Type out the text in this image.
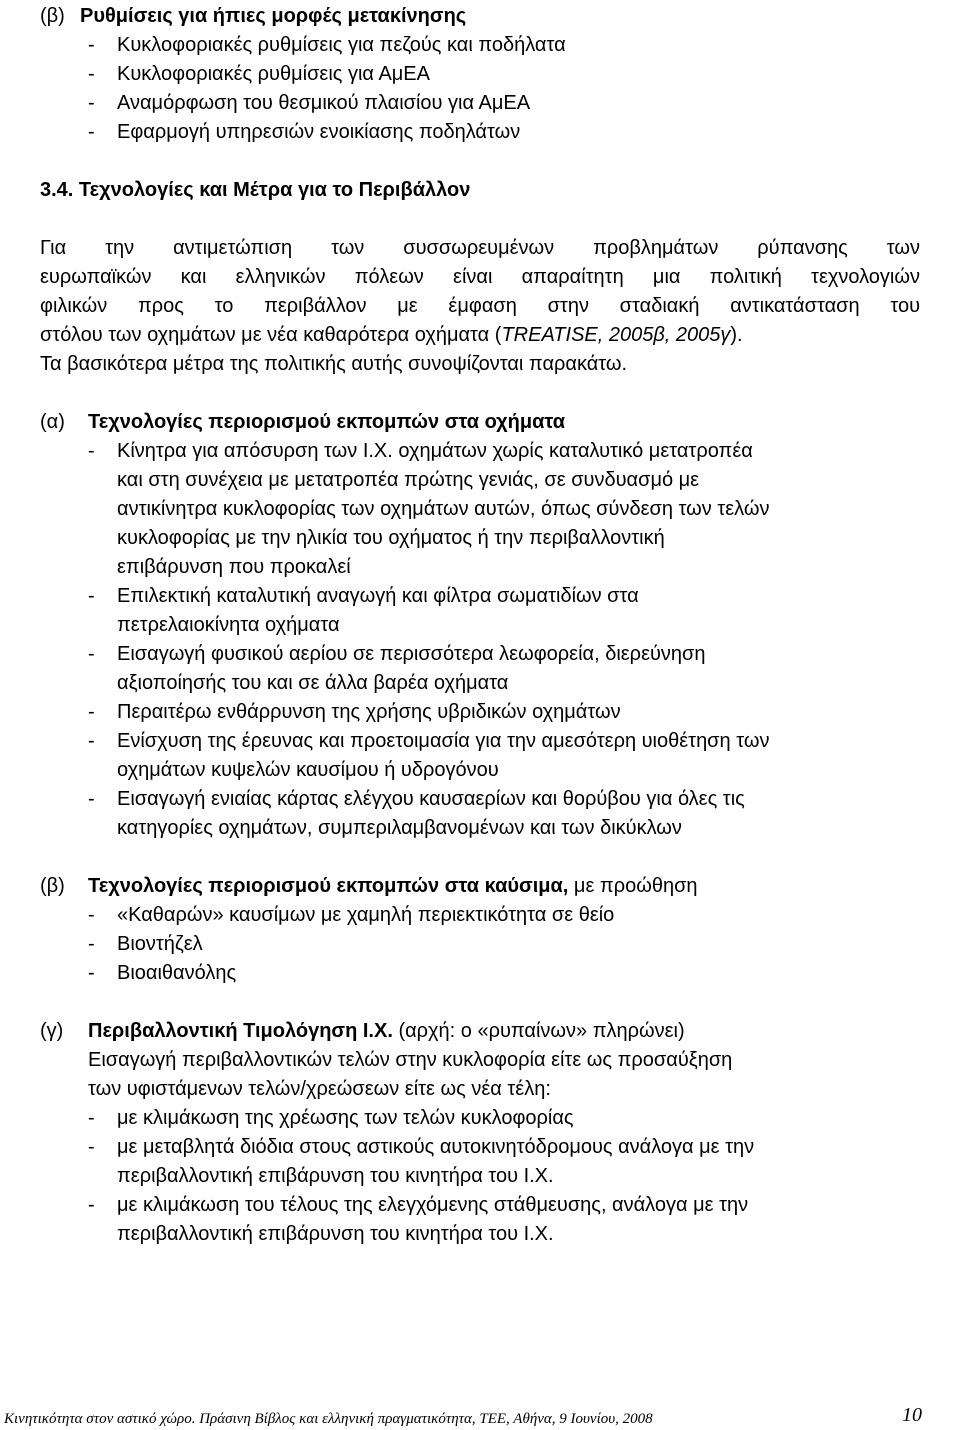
(β) Ρυθμίσεις για ήπιες μορφές μετακίνησης
- Κυκλοφοριακές ρυθμίσεις για πεζούς και ποδήλατα
- Κυκλοφοριακές ρυθμίσεις για ΑμΕΑ
- Αναμόρφωση του θεσμικού πλαισίου για ΑμΕΑ
- Εφαρμογή υπηρεσιών ενοικίασης ποδηλάτων
3.4. Τεχνολογίες και Μέτρα για το Περιβάλλον
Για την αντιμετώπιση των συσσωρευμένων προβλημάτων ρύπανσης των
ευρωπαϊκών και ελληνικών πόλεων είναι απαραίτητη μια πολιτική τεχνολογιών
φιλικών προς το περιβάλλον με έμφαση στην σταδιακή αντικατάσταση του
στόλου των οχημάτων με νέα καθαρότερα οχήματα (TREATISE, 2005β, 2005γ).
Τα βασικότερα μέτρα της πολιτικής αυτής συνοψίζονται παρακάτω.
(α) Τεχνολογίες περιορισμού εκπομπών στα οχήματα
- Κίνητρα για απόσυρση των Ι.Χ. οχημάτων χωρίς καταλυτικό μετατροπέα
και στη συνέχεια με μετατροπέα πρώτης γενιάς, σε συνδυασμό με
αντικίνητρα κυκλοφορίας των οχημάτων αυτών, όπως σύνδεση των τελών
κυκλοφορίας με την ηλικία του οχήματος ή την περιβαλλοντική
επιβάρυνση που προκαλεί
- Επιλεκτική καταλυτική αναγωγή και φίλτρα σωματιδίων στα
πετρελαιοκίνητα οχήματα
- Εισαγωγή φυσικού αερίου σε περισσότερα λεωφορεία, διερεύνηση
αξιοποίησής του και σε άλλα βαρέα οχήματα
- Περαιτέρω ενθάρρυνση της χρήσης υβριδικών οχημάτων
- Ενίσχυση της έρευνας και προετοιμασία για την αμεσότερη υιοθέτηση των
οχημάτων κυψελών καυσίμου ή υδρογόνου
- Εισαγωγή ενιαίας κάρτας ελέγχου καυσαερίων και θορύβου για όλες τις
κατηγορίες οχημάτων, συμπεριλαμβανομένων και των δικύκλων
(β) Τεχνολογίες περιορισμού εκπομπών στα καύσιμα, με προώθηση
- «Καθαρών» καυσίμων με χαμηλή περιεκτικότητα σε θείο
- Βιοντήζελ
- Βιοαιθανόλης
(γ) Περιβαλλοντική Τιμολόγηση Ι.Χ. (αρχή: ο «ρυπαίνων» πληρώνει)
Εισαγωγή περιβαλλοντικών τελών στην κυκλοφορία είτε ως προσαύξηση
των υφιστάμενων τελών/χρεώσεων είτε ως νέα τέλη:
- με κλιμάκωση της χρέωσης των τελών κυκλοφορίας
- με μεταβλητά διόδια στους αστικούς αυτοκινητόδρομους ανάλογα με την
περιβαλλοντική επιβάρυνση του κινητήρα του Ι.Χ.
- με κλιμάκωση του τέλους της ελεγχόμενης στάθμευσης, ανάλογα με την
περιβαλλοντική επιβάρυνση του κινητήρα του Ι.Χ.
Κινητικότητα στον αστικό χώρο. Πράσινη Βίβλος και ελληνική πραγματικότητα, ΤΕΕ, Αθήνα, 9 Ιουνίου, 2008	10
